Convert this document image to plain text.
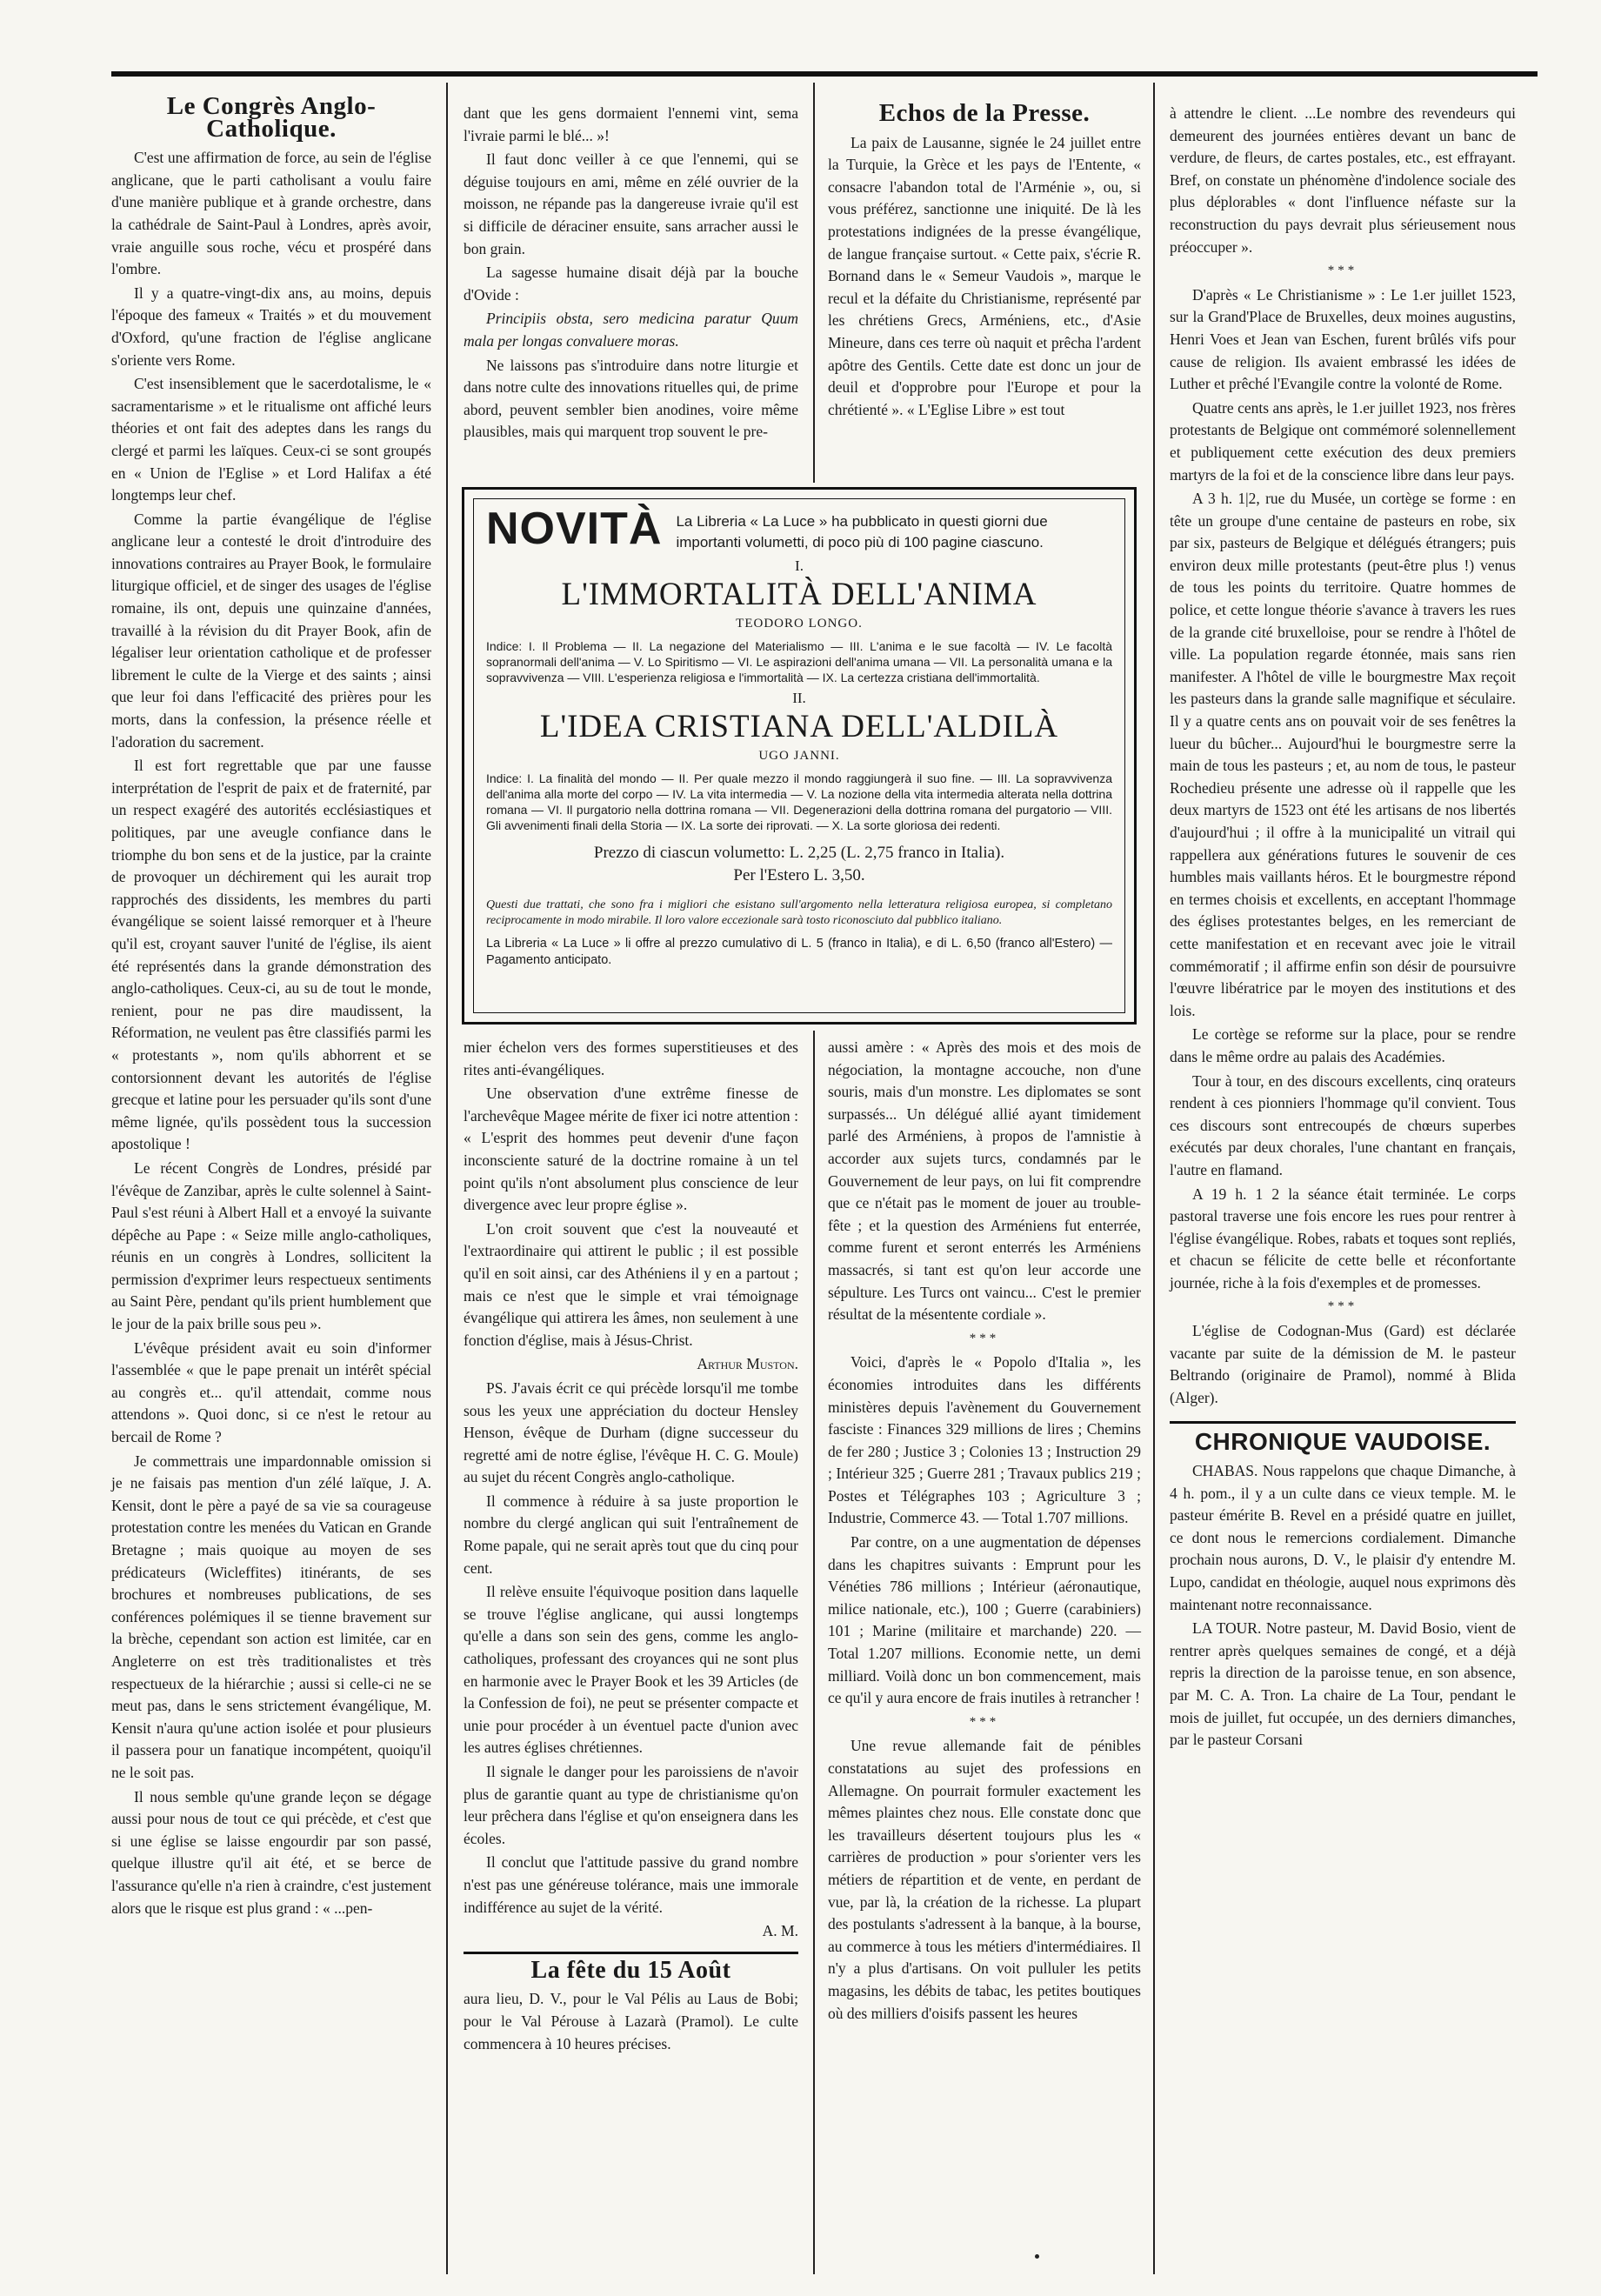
Le Congrès Anglo-Catholique.

C'est une affirmation de force, au sein de l'église anglicane, que le parti catholisant a voulu faire d'une manière publique et à grande orchestre, dans la cathédrale de Saint-Paul à Londres, après avoir, vraie anguille sous roche, vécu et prospéré dans l'ombre.

Il y a quatre-vingt-dix ans, au moins, depuis l'époque des fameux « Traités » et du mouvement d'Oxford, qu'une fraction de l'église anglicane s'oriente vers Rome.

C'est insensiblement que le sacerdotalisme, le « sacramentarisme » et le ritualisme ont affiché leurs théories et ont fait des adeptes dans les rangs du clergé et parmi les laïques. Ceux-ci se sont groupés en « Union de l'Eglise » et Lord Halifax a été longtemps leur chef.

Comme la partie évangélique de l'église anglicane leur a contesté le droit d'introduire des innovations contraires au Prayer Book, le formulaire liturgique officiel, et de singer des usages de l'église romaine, ils ont, depuis une quinzaine d'années, travaillé à la révision du dit Prayer Book, afin de légaliser leur orientation catholique et de professer librement le culte de la Vierge et des saints ; ainsi que leur foi dans l'efficacité des prières pour les morts, dans la confession, la présence réelle et l'adoration du sacrement.

Il est fort regrettable que par une fausse interprétation de l'esprit de paix et de fraternité, par un respect exagéré des autorités ecclésiastiques et politiques, par une aveugle confiance dans le triomphe du bon sens et de la justice, par la crainte de provoquer un déchirement qui les aurait trop rapprochés des dissidents, les membres du parti évangélique se soient laissé remorquer et à l'heure qu'il est, croyant sauver l'unité de l'église, ils aient été représentés dans la grande démonstration des anglo-catholiques. Ceux-ci, au su de tout le monde, renient, pour ne pas dire maudissent, la Réformation, ne veulent pas être classifiés parmi les « protestants », nom qu'ils abhorrent et se contorsionnent devant les autorités de l'église grecque et latine pour les persuader qu'ils sont d'une même lignée, qu'ils possèdent tous la succession apostolique !

Le récent Congrès de Londres, présidé par l'évêque de Zanzibar, après le culte solennel à Saint-Paul s'est réuni à Albert Hall et a envoyé la suivante dépêche au Pape : « Seize mille anglo-catholiques, réunis en un congrès à Londres, sollicitent la permission d'exprimer leurs respectueux sentiments au Saint Père, pendant qu'ils prient humblement que le jour de la paix brille sous peu ».

L'évêque président avait eu soin d'informer l'assemblée « que le pape prenait un intérêt spécial au congrès et... qu'il attendait, comme nous attendons ». Quoi donc, si ce n'est le retour au bercail de Rome ?

Je commettrais une impardonnable omission si je ne faisais pas mention d'un zélé laïque, J. A. Kensit, dont le père a payé de sa vie sa courageuse protestation contre les menées du Vatican en Grande Bretagne ; mais quoique au moyen de ses prédicateurs (Wicleffites) itinérants, de ses brochures et nombreuses publications, de ses conférences polémiques il se tienne bravement sur la brèche, cependant son action est limitée, car en Angleterre on est très traditionalistes et très respectueux de la hiérarchie ; aussi si celle-ci ne se meut pas, dans le sens strictement évangélique, M. Kensit n'aura qu'une action isolée et pour plusieurs il passera pour un fanatique incompétent, quoiqu'il ne le soit pas.

Il nous semble qu'une grande leçon se dégage aussi pour nous de tout ce qui précède, et c'est que si une église se laisse engourdir par son passé, quelque illustre qu'il ait été, et se berce de l'assurance qu'elle n'a rien à craindre, c'est justement alors que le risque est plus grand : « ...pen-

dant que les gens dormaient l'ennemi vint, sema l'ivraie parmi le blé... »!

Il faut donc veiller à ce que l'ennemi, qui se déguise toujours en ami, même en zélé ouvrier de la moisson, ne répande pas la dangereuse ivraie qu'il est si difficile de déraciner ensuite, sans arracher aussi le bon grain.

La sagesse humaine disait déjà par la bouche d'Ovide :

Principiis obsta, sero medicina paratur Quum mala per longas convaluere moras.

Ne laissons pas s'introduire dans notre liturgie et dans notre culte des innovations rituelles qui, de prime abord, peuvent sembler bien anodines, voire même plausibles, mais qui marquent trop souvent le pre-

Echos de la Presse.

La paix de Lausanne, signée le 24 juillet entre la Turquie, la Grèce et les pays de l'Entente, « consacre l'abandon total de l'Arménie », ou, si vous préférez, sanctionne une iniquité. De là les protestations indignées de la presse évangélique, de langue française surtout. « Cette paix, s'écrie R. Bornand dans le « Semeur Vaudois », marque le recul et la défaite du Christianisme, représenté par les chrétiens Grecs, Arméniens, etc., d'Asie Mineure, dans ces terre où naquit et prêcha l'ardent apôtre des Gentils. Cette date est donc un jour de deuil et d'opprobre pour l'Europe et pour la chrétienté ». « L'Eglise Libre » est tout

NOVITÀ La Libreria « La Luce » ha pubblicato in questi giorni due importanti volumetti, di poco più di 100 pagine ciascuno.
I.
L'IMMORTALITÀ DELL'ANIMA
TEODORO LONGO.
Indice: I. Il Problema — II. La negazione del Materialismo — III. L'anima e le sue facoltà — IV. Le facoltà sopranormali dell'anima — V. Lo Spiritismo — VI. Le aspirazioni dell'anima umana — VII. La personalità umana e la sopravvivenza — VIII. L'esperienza religiosa e l'immortalità — IX. La certezza cristiana dell'immortalità.
II.
L'IDEA CRISTIANA DELL'ALDILÀ
UGO JANNI.
Indice: I. La finalità del mondo — II. Per quale mezzo il mondo raggiungerà il suo fine. — III. La sopravvivenza dell'anima alla morte del corpo — IV. La vita intermedia — V. La nozione della vita intermedia alterata nella dottrina romana — VI. Il purgatorio nella dottrina romana — VII. Degenerazioni della dottrina romana del purgatorio — VIII. Gli avvenimenti finali della Storia — IX. La sorte dei riprovati. — X. La sorte gloriosa dei redenti.
Prezzo di ciascun volumetto: L. 2,25 (L. 2,75 franco in Italia).
Per l'Estero L. 3,50.
Questi due trattati, che sono fra i migliori che esistano sull'argomento nella letteratura religiosa europea, si completano reciprocamente in modo mirabile. Il loro valore eccezionale sarà tosto riconosciuto dal pubblico italiano.
La Libreria « La Luce » li offre al prezzo cumulativo di L. 5 (franco in Italia), e di L. 6,50 (franco all'Estero) — Pagamento anticipato.

mier échelon vers des formes superstitieuses et des rites anti-évangéliques.

Une observation d'une extrême finesse de l'archevêque Magee mérite de fixer ici notre attention : « L'esprit des hommes peut devenir d'une façon inconsciente saturé de la doctrine romaine à un tel point qu'ils n'ont absolument plus conscience de leur divergence avec leur propre église ».

L'on croit souvent que c'est la nouveauté et l'extraordinaire qui attirent le public ; il est possible qu'il en soit ainsi, car des Athéniens il y en a partout ; mais ce n'est que le simple et vrai témoignage évangélique qui attirera les âmes, non seulement à une fonction d'église, mais à Jésus-Christ.

Arthur Muston.

PS. J'avais écrit ce qui précède lorsqu'il me tombe sous les yeux une appréciation du docteur Hensley Henson, évêque de Durham (digne successeur du regretté ami de notre église, l'évêque H. C. G. Moule) au sujet du récent Congrès anglo-catholique.

Il commence à réduire à sa juste proportion le nombre du clergé anglican qui suit l'entraînement de Rome papale, qui ne serait après tout que du cinq pour cent.

Il relève ensuite l'équivoque position dans laquelle se trouve l'église anglicane, qui aussi longtemps qu'elle a dans son sein des gens, comme les anglo-catholiques, professant des croyances qui ne sont plus en harmonie avec le Prayer Book et les 39 Articles (de la Confession de foi), ne peut se présenter compacte et unie pour procéder à un éventuel pacte d'union avec les autres églises chrétiennes.

Il signale le danger pour les paroissiens de n'avoir plus de garantie quant au type de christianisme qu'on leur prêchera dans l'église et qu'on enseignera dans les écoles.

Il conclut que l'attitude passive du grand nombre n'est pas une généreuse tolérance, mais une immorale indifférence au sujet de la vérité.

A. M.

La fête du 15 Août

aura lieu, D. V., pour le Val Pélis au Laus de Bobi; pour le Val Pérouse à Lazarà (Pramol). Le culte commencera à 10 heures précises.

aussi amère : « Après des mois et des mois de négociation, la montagne accouche, non d'une souris, mais d'un monstre. Les diplomates se sont surpassés... Un délégué allié ayant timidement parlé des Arméniens, à propos de l'amnistie à accorder aux sujets turcs, condamnés par le Gouvernement de leur pays, on lui fit comprendre que ce n'était pas le moment de jouer au trouble-fête ; et la question des Arméniens fut enterrée, comme furent et seront enterrés les Arméniens massacrés, si tant est qu'on leur accorde une sépulture. Les Turcs ont vaincu... C'est le premier résultat de la mésentente cordiale ».

***

Voici, d'après le « Popolo d'Italia », les économies introduites dans les différents ministères depuis l'avènement du Gouvernement fasciste : Finances 329 millions de lires ; Chemins de fer 280 ; Justice 3 ; Colonies 13 ; Instruction 29 ; Intérieur 325 ; Guerre 281 ; Travaux publics 219 ; Postes et Télégraphes 103 ; Agriculture 3 ; Industrie, Commerce 43. — Total 1.707 millions.

Par contre, on a une augmentation de dépenses dans les chapitres suivants : Emprunt pour les Vénéties 786 millions ; Intérieur (aéronautique, milice nationale, etc.), 100 ; Guerre (carabiniers) 101 ; Marine (militaire et marchande) 220. — Total 1.207 millions. Economie nette, un demi milliard. Voilà donc un bon commencement, mais ce qu'il y aura encore de frais inutiles à retrancher !

***

Une revue allemande fait de pénibles constatations au sujet des professions en Allemagne. On pourrait formuler exactement les mêmes plaintes chez nous. Elle constate donc que les travailleurs désertent toujours plus les « carrières de production » pour s'orienter vers les métiers de répartition et de vente, en perdant de vue, par là, la création de la richesse. La plupart des postulants s'adressent à la banque, à la bourse, au commerce à tous les métiers d'intermédiaires. Il n'y a plus d'artisans. On voit pulluler les petits magasins, les débits de tabac, les petites boutiques où des milliers d'oisifs passent les heures

à attendre le client. ...Le nombre des revendeurs qui demeurent des journées entières devant un banc de verdure, de fleurs, de cartes postales, etc., est effrayant. Bref, on constate un phénomène d'indolence sociale des plus déplorables « dont l'influence néfaste sur la reconstruction du pays devrait plus sérieusement nous préoccuper ».

***

D'après « Le Christianisme » : Le 1.er juillet 1523, sur la Grand'Place de Bruxelles, deux moines augustins, Henri Voes et Jean van Eschen, furent brûlés vifs pour cause de religion. Ils avaient embrassé les idées de Luther et prêché l'Evangile contre la volonté de Rome.

Quatre cents ans après, le 1.er juillet 1923, nos frères protestants de Belgique ont commémoré solennellement et publiquement cette exécution des deux premiers martyrs de la foi et de la conscience libre dans leur pays.

A 3 h. 1|2, rue du Musée, un cortège se forme : en tête un groupe d'une centaine de pasteurs en robe, six par six, pasteurs de Belgique et délégués étrangers; puis environ deux mille protestants (peut-être plus !) venus de tous les points du territoire. Quatre hommes de police, et cette longue théorie s'avance à travers les rues de la grande cité bruxelloise, pour se rendre à l'hôtel de ville. La population regarde étonnée, mais sans rien manifester. A l'hôtel de ville le bourgmestre Max reçoit les pasteurs dans la grande salle magnifique et séculaire. Il y a quatre cents ans on pouvait voir de ses fenêtres la lueur du bûcher... Aujourd'hui le bourgmestre serre la main de tous les pasteurs ; et, au nom de tous, le pasteur Rochedieu présente une adresse où il rappelle que les deux martyrs de 1523 ont été les artisans de nos libertés d'aujourd'hui ; il offre à la municipalité un vitrail qui rappellera aux générations futures le souvenir de ces humbles mais vaillants héros. Et le bourgmestre répond en termes choisis et excellents, en acceptant l'hommage des églises protestantes belges, en les remerciant de cette manifestation et en recevant avec joie le vitrail commémoratif ; il affirme enfin son désir de poursuivre l'œuvre libératrice par le moyen des institutions et des lois.

Le cortège se reforme sur la place, pour se rendre dans le même ordre au palais des Académies.

Tour à tour, en des discours excellents, cinq orateurs rendent à ces pionniers l'hommage qu'il convient. Tous ces discours sont entrecoupés de chœurs superbes exécutés par deux chorales, l'une chantant en français, l'autre en flamand.

A 19 h. 1 2 la séance était terminée. Le corps pastoral traverse une fois encore les rues pour rentrer à l'église évangélique. Robes, rabats et toques sont repliés, et chacun se félicite de cette belle et réconfortante journée, riche à la fois d'exemples et de promesses.

***

L'église de Codognan-Mus (Gard) est déclarée vacante par suite de la démission de M. le pasteur Beltrando (originaire de Pramol), nommé à Blida (Alger).

CHRONIQUE VAUDOISE.

CHABAS. Nous rappelons que chaque Dimanche, à 4 h. pom., il y a un culte dans ce vieux temple. M. le pasteur émérite B. Revel en a présidé quatre en juillet, ce dont nous le remercions cordialement. Dimanche prochain nous aurons, D. V., le plaisir d'y entendre M. Lupo, candidat en théologie, auquel nous exprimons dès maintenant notre reconnaissance.

LA TOUR. Notre pasteur, M. David Bosio, vient de rentrer après quelques semaines de congé, et a déjà repris la direction de la paroisse tenue, en son absence, par M. C. A. Tron. La chaire de La Tour, pendant le mois de juillet, fut occupée, un des derniers dimanches, par le pasteur Corsani
